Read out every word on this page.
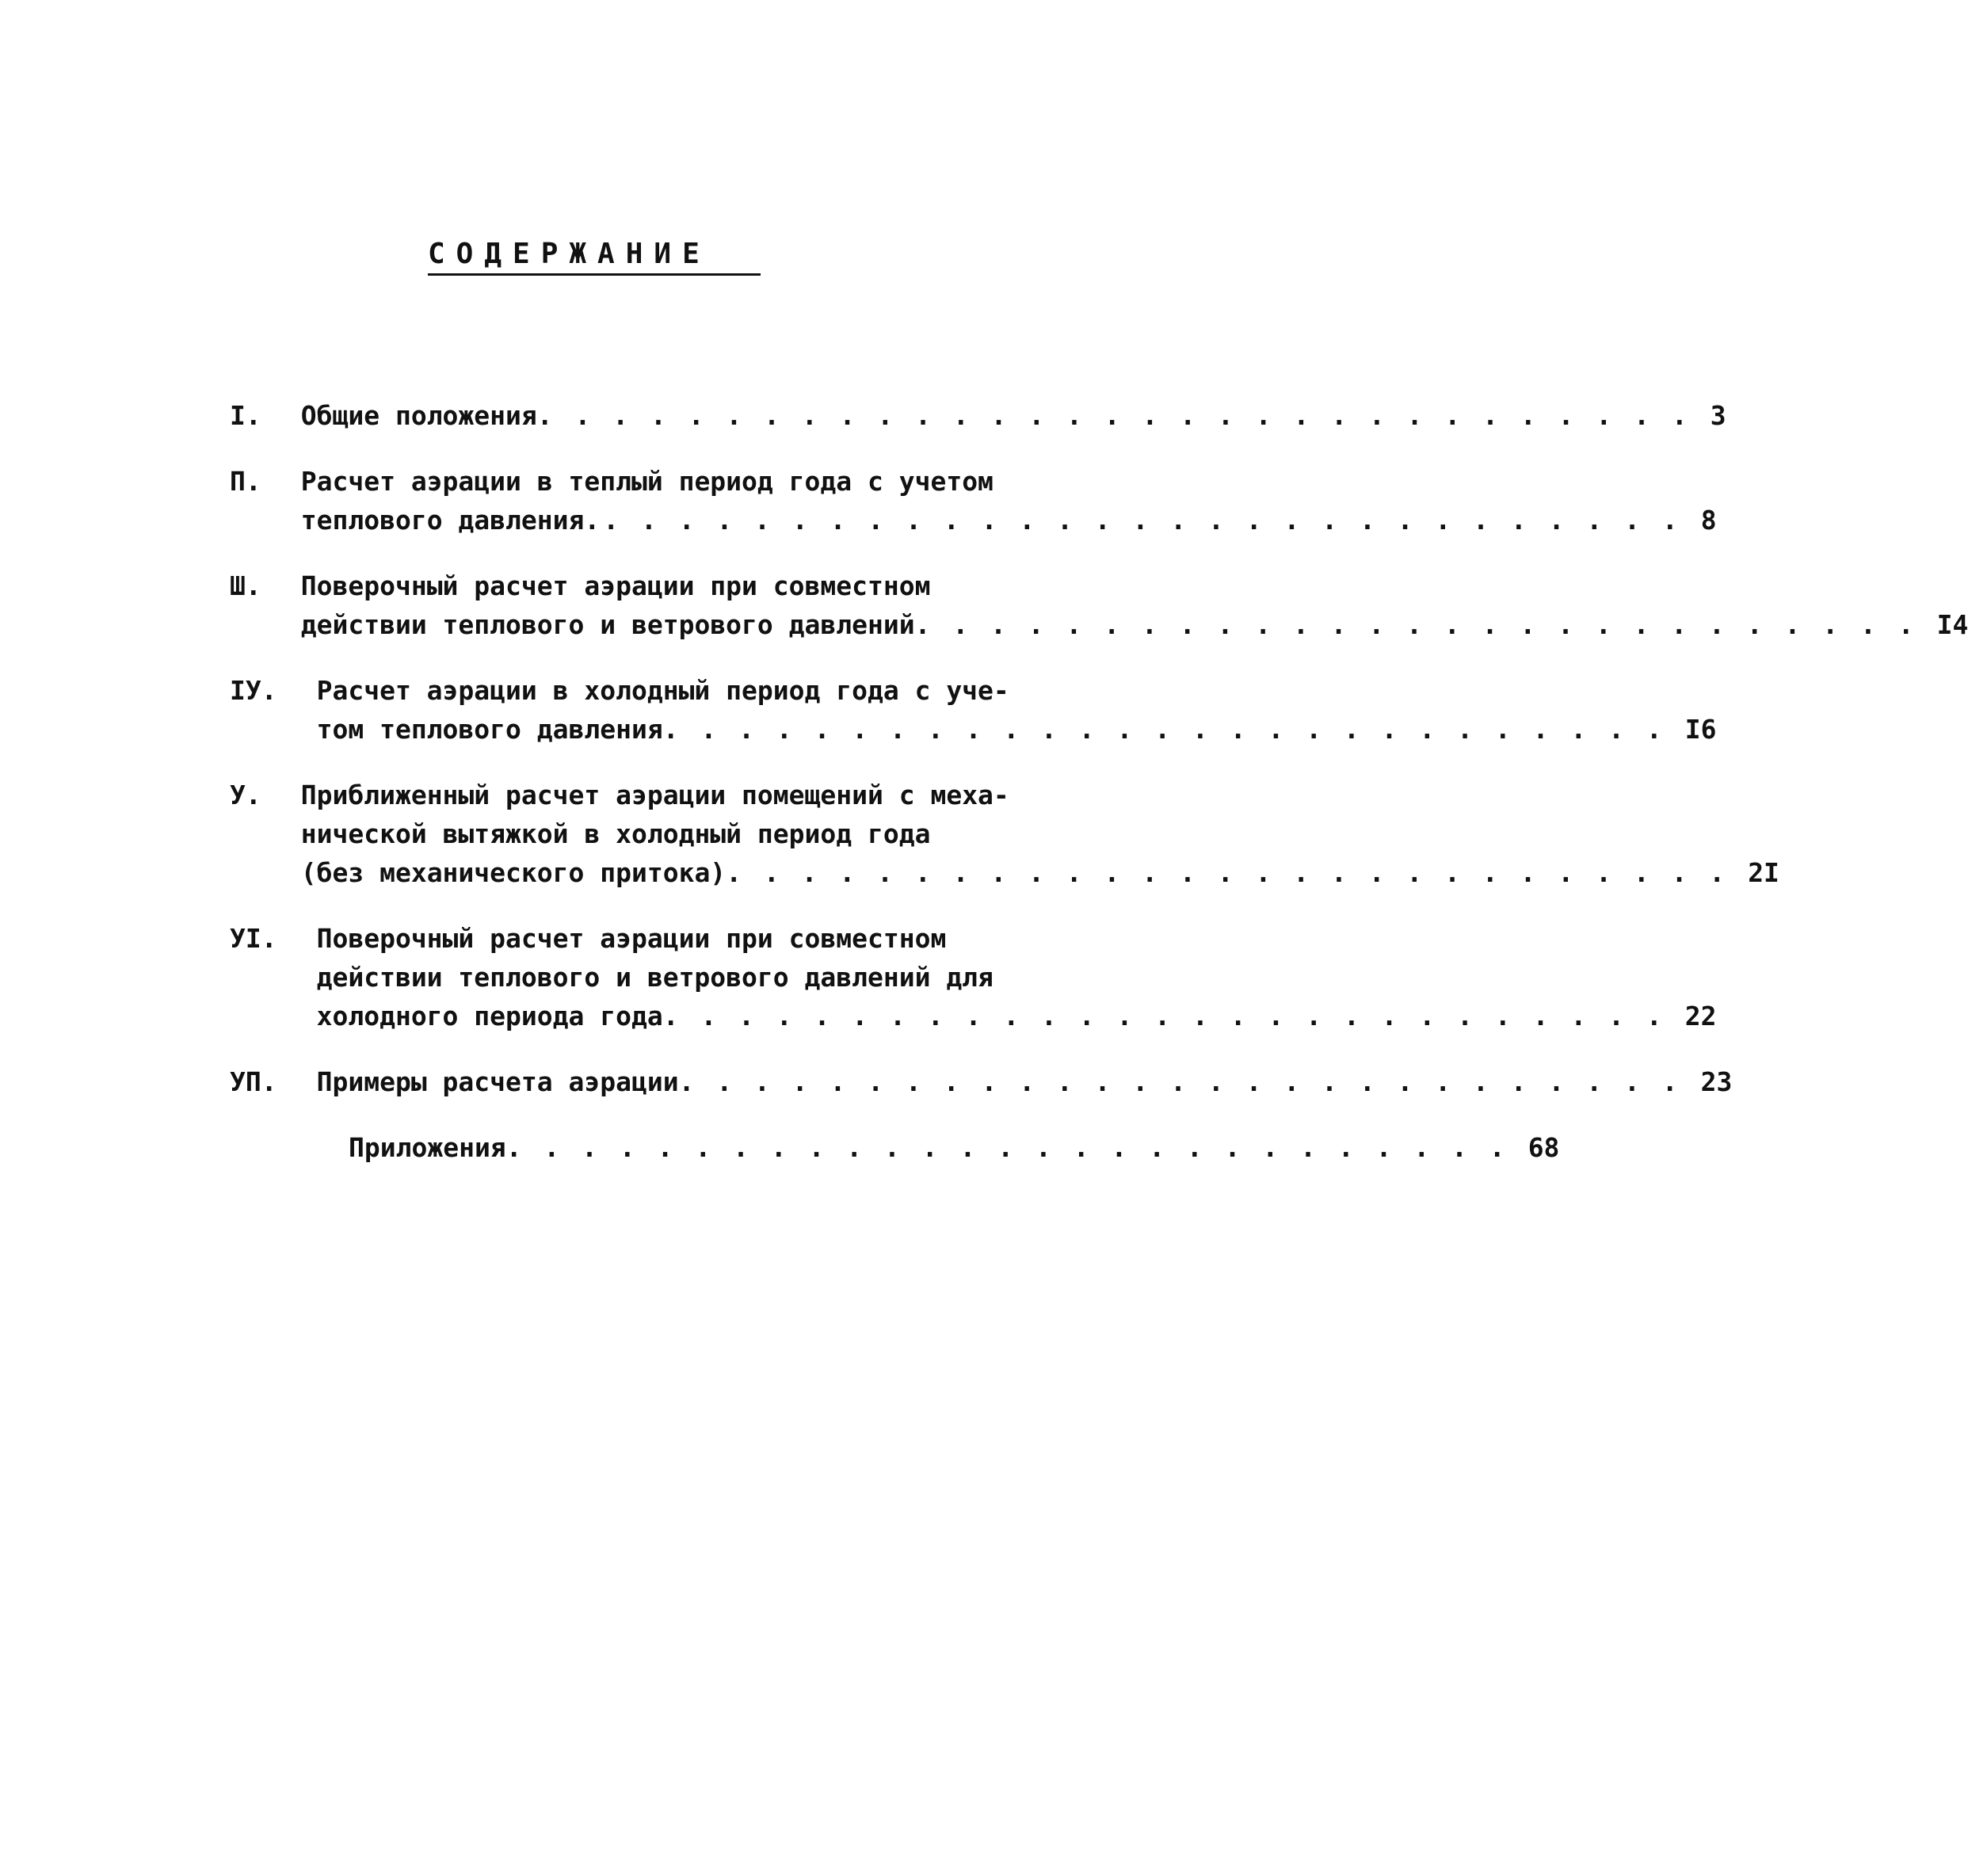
СОДЕРЖАНИЕ
I.	Общие положения . . . . . . . . . . . . . . . . . . . . . . . . . . . . . . . 3
П.	Расчет аэрации в теплый период года с учетом
теплового давления .. . . . . . . . . . . . . . . . . . . . . . . . . . . . . 8
Ш.	Поверочный расчет аэрации при совместном
действии теплового и ветрового давлений . . . . . . . . . . . . . . . . . . . . . . . . . . . I4
IУ.	Расчет аэрации в холодный период года с уче-
том теплового давления . . . . . . . . . . . . . . . . . . . . . . . . . . . I6
У.	Приближенный расчет аэрации помещений с меха-
нической вытяжкой в холодный период года
(без механического притока) . . . . . . . . . . . . . . . . . . . . . . . . . . . 2I
УI.	Поверочный расчет аэрации при совместном
действии теплового и ветрового давлений для
холодного периода года . . . . . . . . . . . . . . . . . . . . . . . . . . . 22
УП.	Примеры расчета аэрации . . . . . . . . . . . . . . . . . . . . . . . . . . . 23
Приложения . . . . . . . . . . . . . . . . . . . . . . . . . . . 68
